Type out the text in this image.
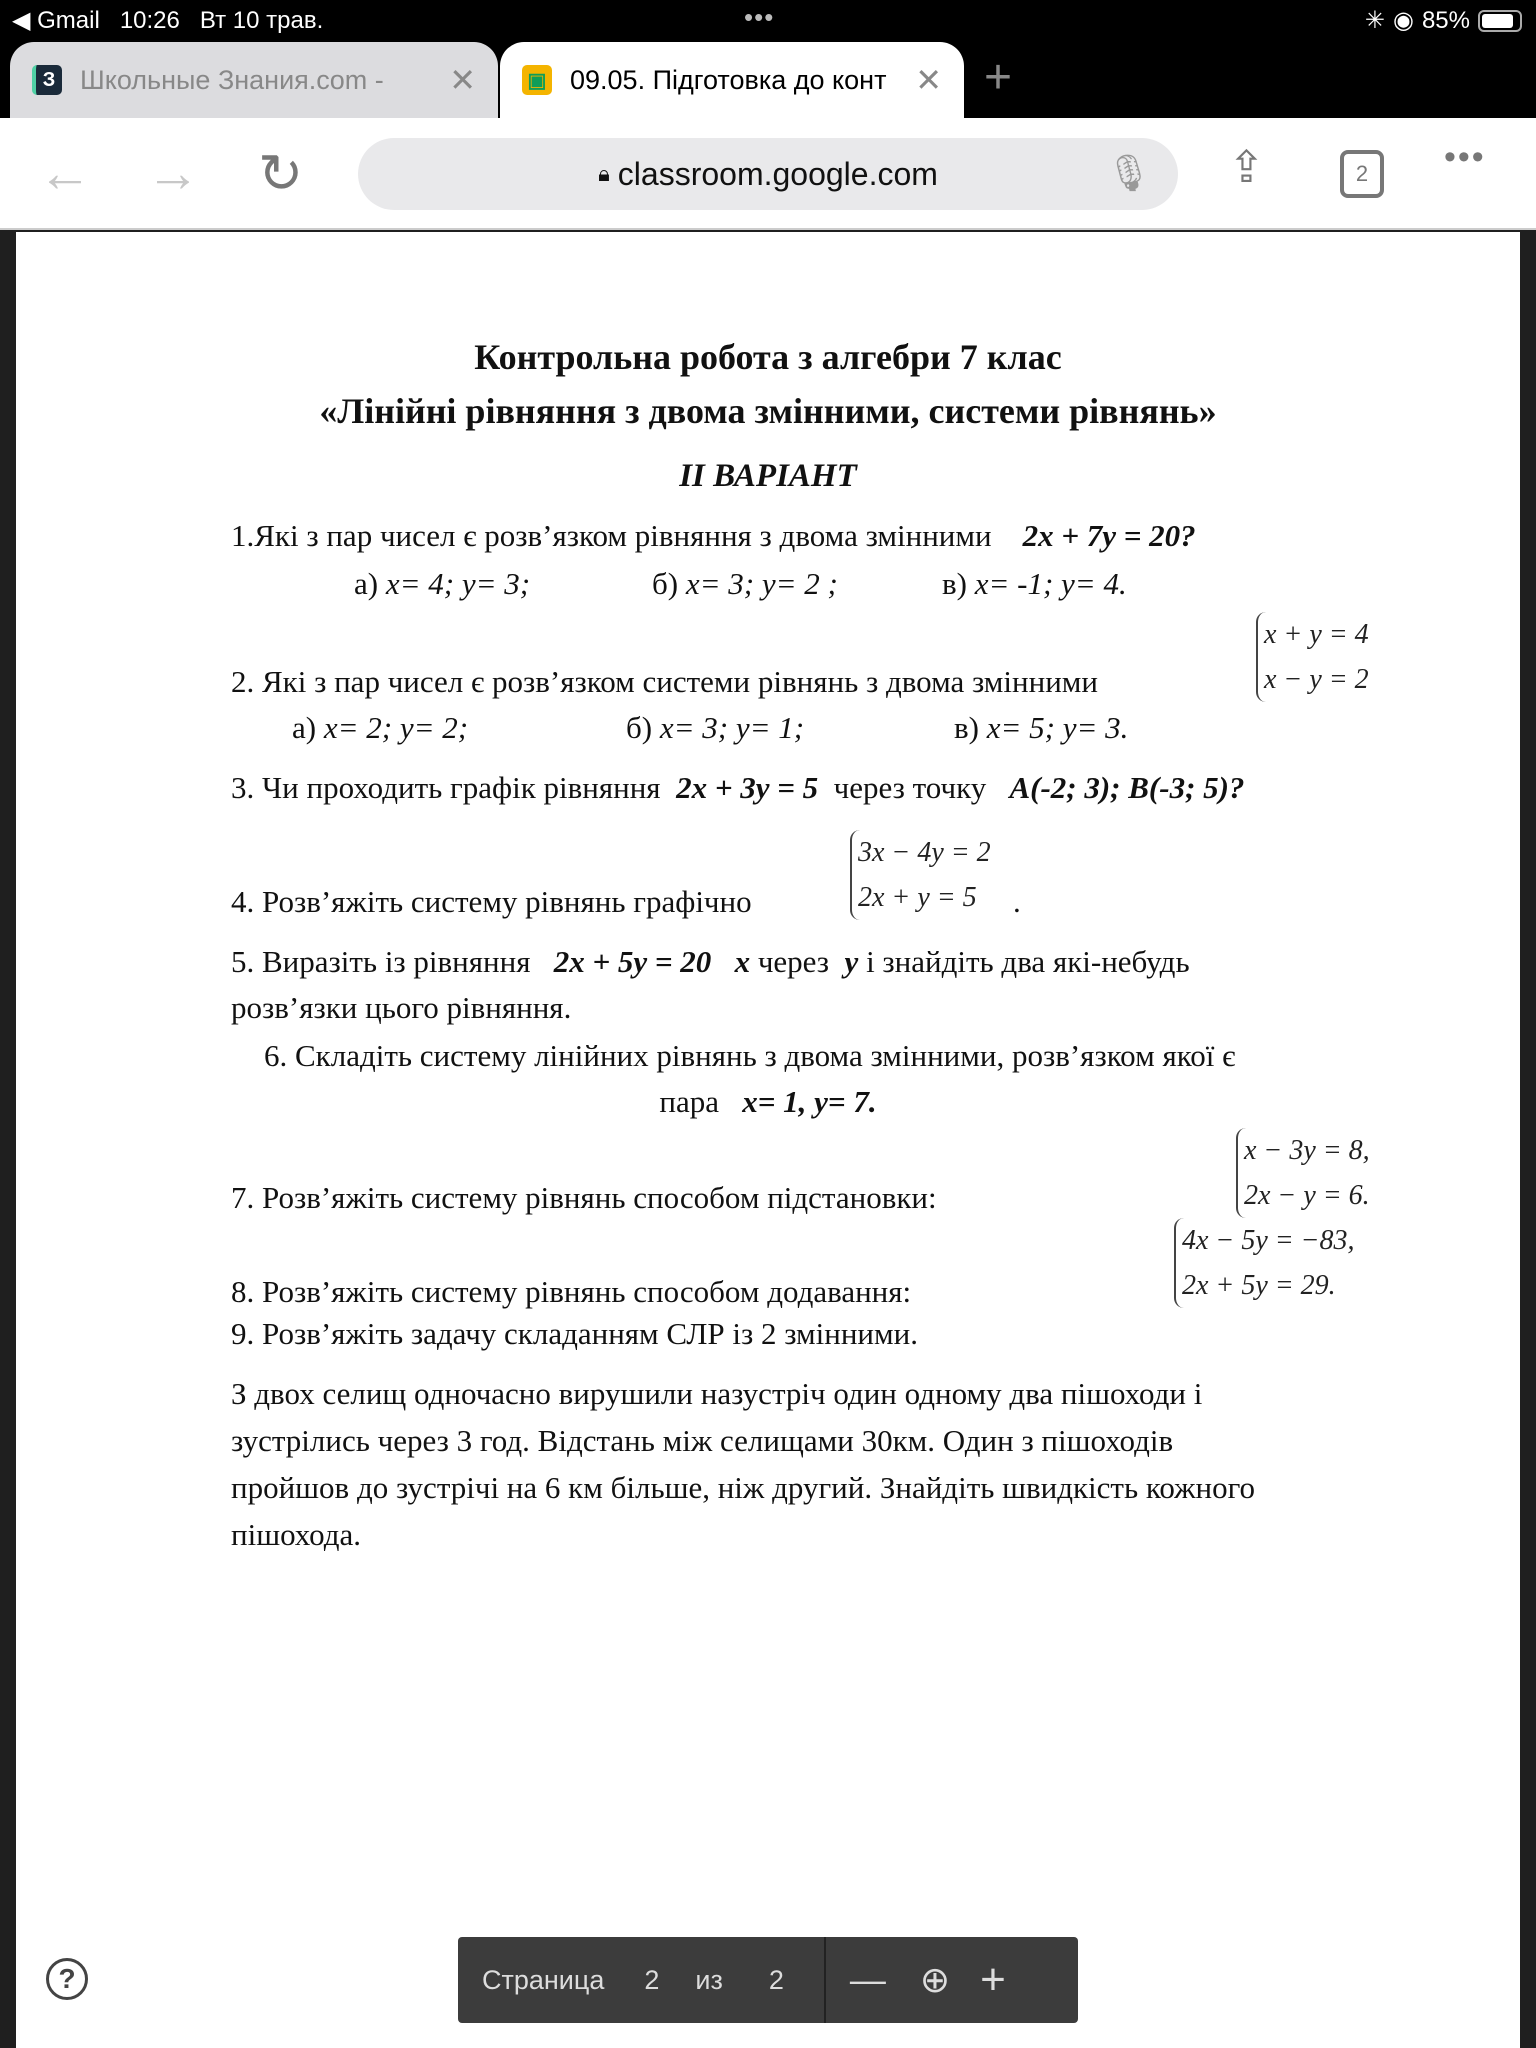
◀ Gmail 10:26 Вт 10 трав.	•••	✳ ◉ 85%
З Школьные Знания.com -	✕	▣ 09.05. Підготовка до конт ✕ +
← → ↻	🔒︎ classroom.google.com	🎙︎ ⇪	2	•••
Контрольна робота з алгебри 7 клас
«Лінійні рівняння з двома змінними, системи рівнянь»
ІІ ВАРІАНТ
1.Які з пар чисел є розв’язком рівняння з двома змінними 2x + 7y = 20?
а) x= 4; y= 3;	б) x= 3; y= 2 ;	в) x= -1; y= 4.
x + y = 4
x − y = 2
2. Які з пар чисел є розв’язком системи рівнянь з двома змінними
а) x= 2; y= 2;	б) x= 3; y= 1;	в) x= 5; y= 3.
3. Чи проходить графік рівняння 2x + 3y = 5 через точку A(-2; 3); B(-3; 5)?
3x − 4y = 2
2x + y = 5
4. Розв’яжіть систему рівнянь графічно	.
5. Виразіть із рівняння 2x + 5y = 20 x через y і знайдіть два які-небудь
розв’язки цього рівняння.
6. Складіть систему лінійних рівнянь з двома змінними, розв’язком якої є
пара x= 1, y= 7.
x − 3y = 8,
2x − y = 6.
7. Розв’яжіть систему рівнянь способом підстановки:
4x − 5y = −83,
2x + 5y = 29.
8. Розв’яжіть систему рівнянь способом додавання:
9. Розв’яжіть задачу складанням СЛР із 2 змінними.
З двох селищ одночасно вирушили назустріч один одному два пішоходи і
зустрілись через 3 год. Відстань між селищами 30км. Один з пішоходів
пройшов до зустрічі на 6 км більше, ніж другий. Знайдіть швидкість кожного
пішохода.
?	Страница 2 из 2 — ⊕ +
